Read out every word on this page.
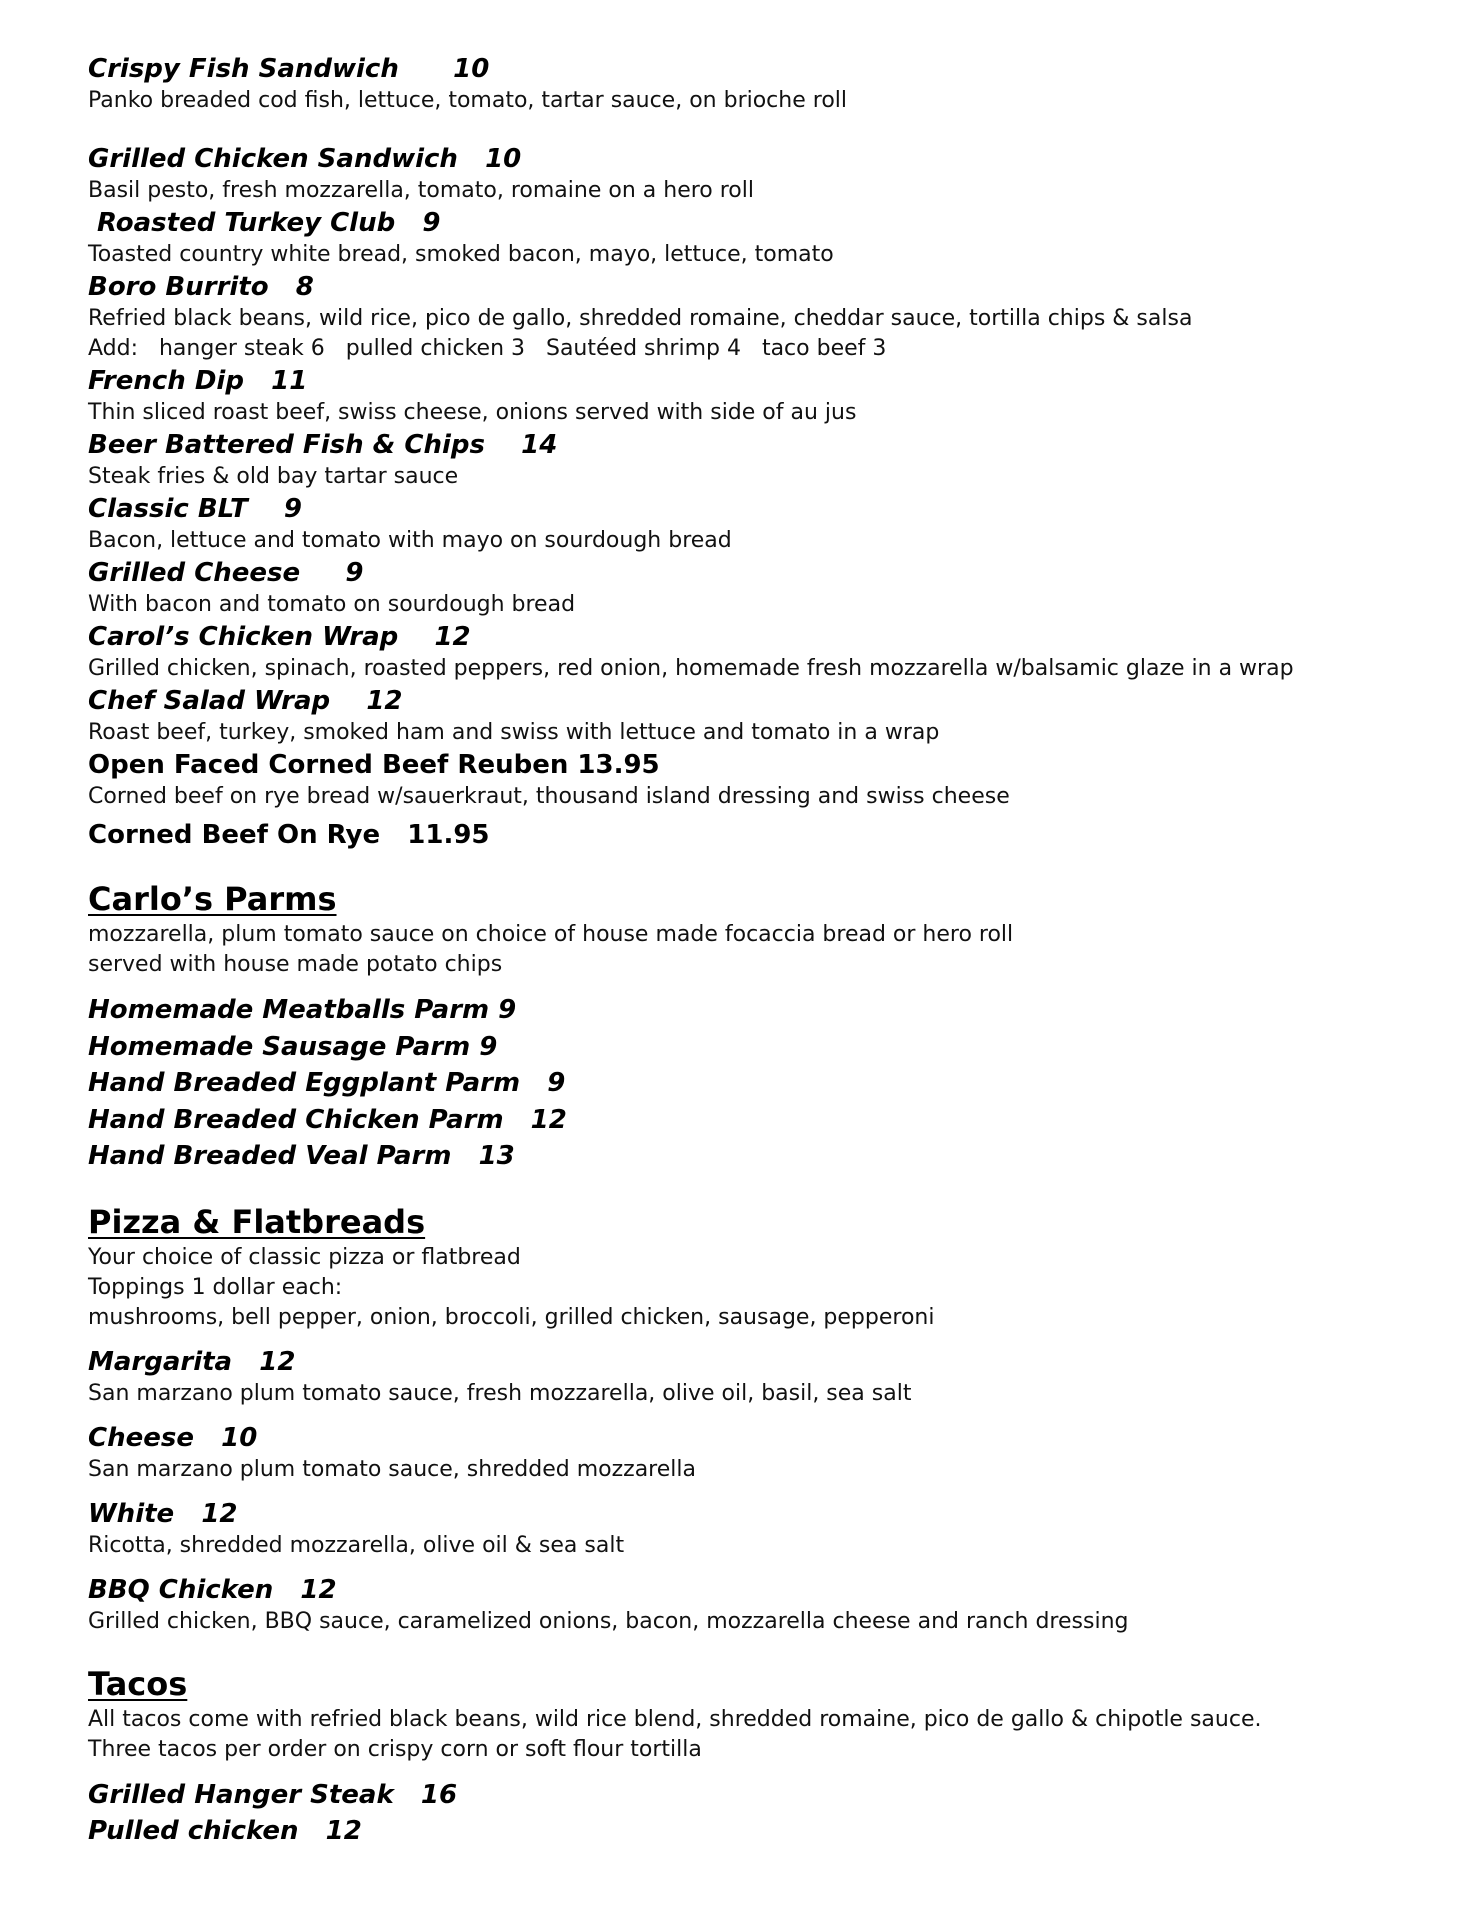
Crispy Fish Sandwich      10
Panko breaded cod fish, lettuce, tomato, tartar sauce, on brioche roll
Grilled Chicken Sandwich   10
Basil pesto, fresh mozzarella, tomato, romaine on a hero roll
Roasted Turkey Club   9
Toasted country white bread, smoked bacon, mayo, lettuce, tomato
Boro Burrito   8
Refried black beans, wild rice, pico de gallo, shredded romaine, cheddar sauce, tortilla chips & salsa
Add:   hanger steak 6   pulled chicken 3   Sautéed shrimp 4   taco beef 3
French Dip   11
Thin sliced roast beef, swiss cheese, onions served with side of au jus
Beer Battered Fish & Chips    14
Steak fries & old bay tartar sauce
Classic BLT    9
Bacon, lettuce and tomato with mayo on sourdough bread
Grilled Cheese     9
With bacon and tomato on sourdough bread
Carol’s Chicken Wrap    12
Grilled chicken, spinach, roasted peppers, red onion, homemade fresh mozzarella w/balsamic glaze in a wrap
Chef Salad Wrap    12
Roast beef, turkey, smoked ham and swiss with lettuce and tomato in a wrap
Open Faced Corned Beef Reuben 13.95
Corned beef on rye bread w/sauerkraut, thousand island dressing and swiss cheese
Corned Beef On Rye   11.95
Carlo’s Parms
mozzarella, plum tomato sauce on choice of house made focaccia bread or hero roll
served with house made potato chips
Homemade Meatballs Parm 9
Homemade Sausage Parm 9
Hand Breaded Eggplant Parm   9
Hand Breaded Chicken Parm   12
Hand Breaded Veal Parm   13
Pizza & Flatbreads
Your choice of classic pizza or flatbread
Toppings 1 dollar each:
mushrooms, bell pepper, onion, broccoli, grilled chicken, sausage, pepperoni
Margarita   12
San marzano plum tomato sauce, fresh mozzarella, olive oil, basil, sea salt
Cheese   10
San marzano plum tomato sauce, shredded mozzarella
White   12
Ricotta, shredded mozzarella, olive oil & sea salt
BBQ Chicken   12
Grilled chicken, BBQ sauce, caramelized onions, bacon, mozzarella cheese and ranch dressing
Tacos
All tacos come with refried black beans, wild rice blend, shredded romaine, pico de gallo & chipotle sauce.
Three tacos per order on crispy corn or soft flour tortilla
Grilled Hanger Steak   16
Pulled chicken   12
